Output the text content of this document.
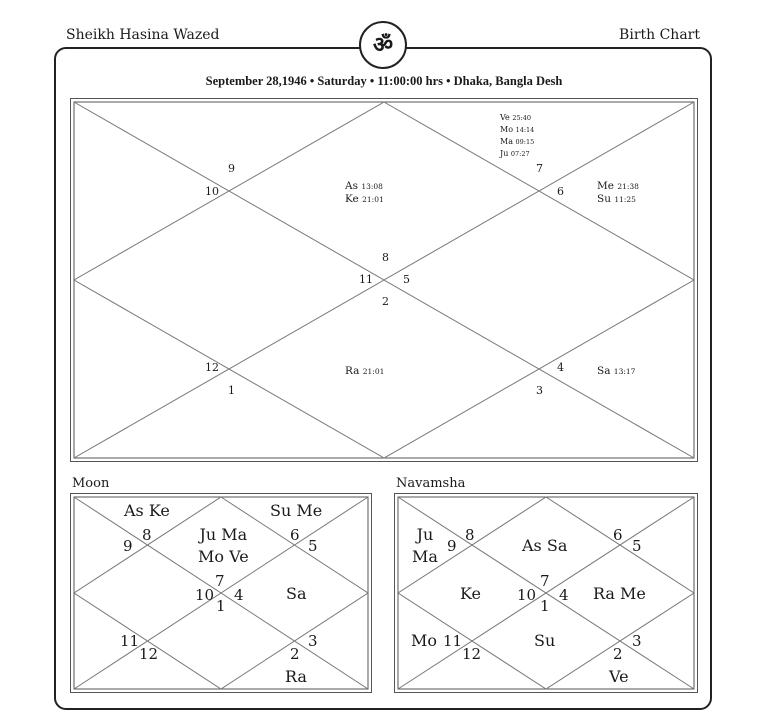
Sheikh Hasina Wazed	Birth Chart
ॐ
September 28,1946 • Saturday • 11:00:00 hrs • Dhaka, Bangla Desh
8
11	5
2
9
10
7
6
12
1
4
3
As 13:08
Ke 21:01
Ve 25:40
Mo 14:14
Ma 09:15
Ju 07:27
Me 21:38
Su 11:25
Ra 21:01	Sa 13:17
Moon
7
10
1
4
8
9
6
5
11
12
3
2
As Ke	Su Me
Ju Ma
Mo Ve
Sa
Ra
Navamsha
7
10
1
4
8
9
6
5
11
12
3
2
Ju
Ma
As Sa
Ke	Ra Me
Mo	Su
Ve
